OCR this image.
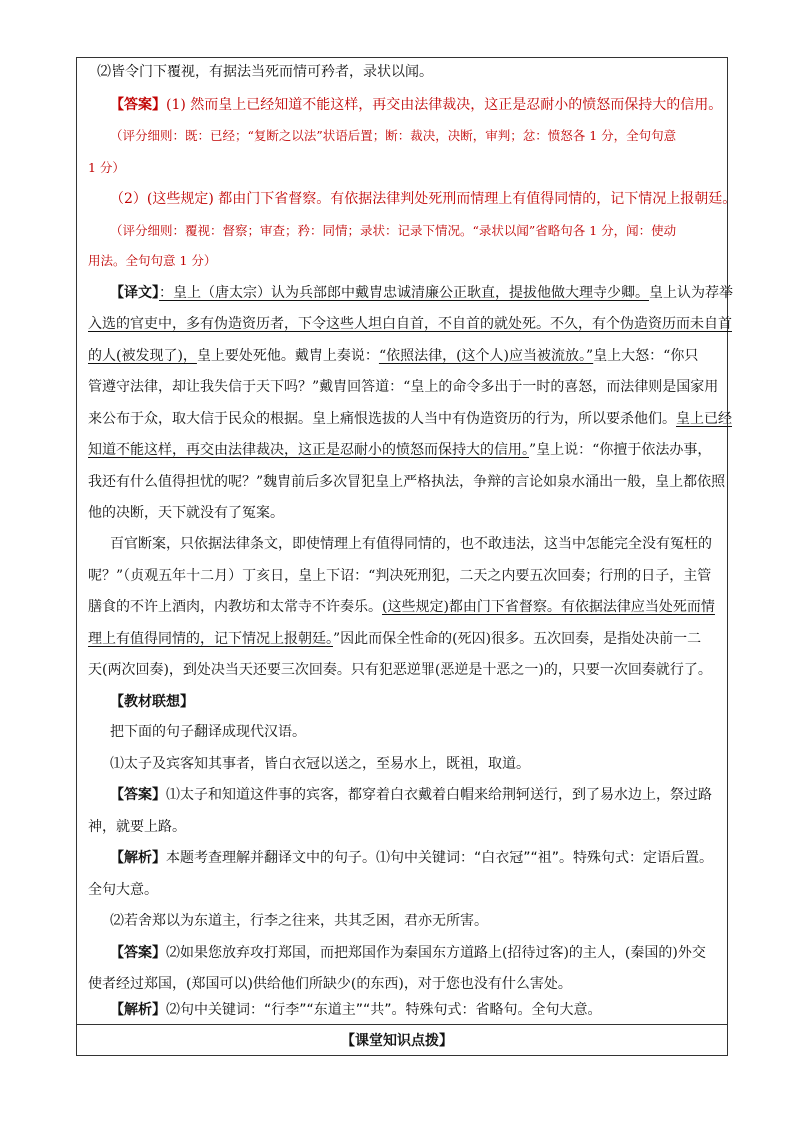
⑵皆令门下覆视，有据法当死而情可矜者，录状以闻。
【答案】(1) 然而皇上已经知道不能这样，再交由法律裁决，这正是忍耐小的愤怒而保持大的信用。
（评分细则：既：已经；“复断之以法”状语后置；断：裁决，决断，审判；忿：愤怒各 1 分，全句句意
1 分）
（2）(这些规定) 都由门下省督察。有依据法律判处死刑而情理上有值得同情的，记下情况上报朝廷。
（评分细则：覆视：督察；审查；矜：同情；录状：记录下情况。“录状以闻”省略句各 1 分，闻：使动
用法。全句句意 1 分）
【译文】：皇上（唐太宗）认为兵部郎中戴胄忠诚清廉公正耿直，提拔他做大理寺少卿。皇上认为荐举
入选的官吏中，多有伪造资历者，下令这些人坦白自首，不自首的就处死。不久，有个伪造资历而未自首
的人(被发现了)，皇上要处死他。戴胄上奏说：“依照法律，(这个人)应当被流放。”皇上大怒：“你只
管遵守法律，却让我失信于天下吗？”戴胄回答道：“皇上的命令多出于一时的喜怒，而法律则是国家用
来公布于众，取大信于民众的根据。皇上痛恨选拔的人当中有伪造资历的行为，所以要杀他们。皇上已经
知道不能这样，再交由法律裁决，这正是忍耐小的愤怒而保持大的信用。”皇上说：“你擅于依法办事，
我还有什么值得担忧的呢？”魏胄前后多次冒犯皇上严格执法，争辩的言论如泉水涌出一般，皇上都依照
他的决断，天下就没有了冤案。
百官断案，只依据法律条文，即使情理上有值得同情的，也不敢违法，这当中怎能完全没有冤枉的
呢？”（贞观五年十二月）丁亥日，皇上下诏：“判决死刑犯，二天之内要五次回奏；行刑的日子，主管
膳食的不许上酒肉，内教坊和太常寺不许奏乐。(这些规定)都由门下省督察。有依据法律应当处死而情
理上有值得同情的，记下情况上报朝廷。”因此而保全性命的(死囚)很多。五次回奏，是指处决前一二
天(两次回奏)，到处决当天还要三次回奏。只有犯恶逆罪(恶逆是十恶之一)的，只要一次回奏就行了。
【教材联想】
把下面的句子翻译成现代汉语。
⑴太子及宾客知其事者，皆白衣冠以送之，至易水上，既祖，取道。
【答案】⑴太子和知道这件事的宾客，都穿着白衣戴着白帽来给荆轲送行，到了易水边上，祭过路
神，就要上路。
【解析】本题考查理解并翻译文中的句子。⑴句中关键词：“白衣冠”“祖”。特殊句式：定语后置。
全句大意。
⑵若舍郑以为东道主，行李之往来，共其乏困，君亦无所害。
【答案】⑵如果您放弃攻打郑国，而把郑国作为秦国东方道路上(招待过客)的主人，(秦国的)外交
使者经过郑国，(郑国可以)供给他们所缺少(的东西)，对于您也没有什么害处。
【解析】⑵句中关键词：“行李”“东道主”“共”。特殊句式：省略句。全句大意。
【课堂知识点拨】
